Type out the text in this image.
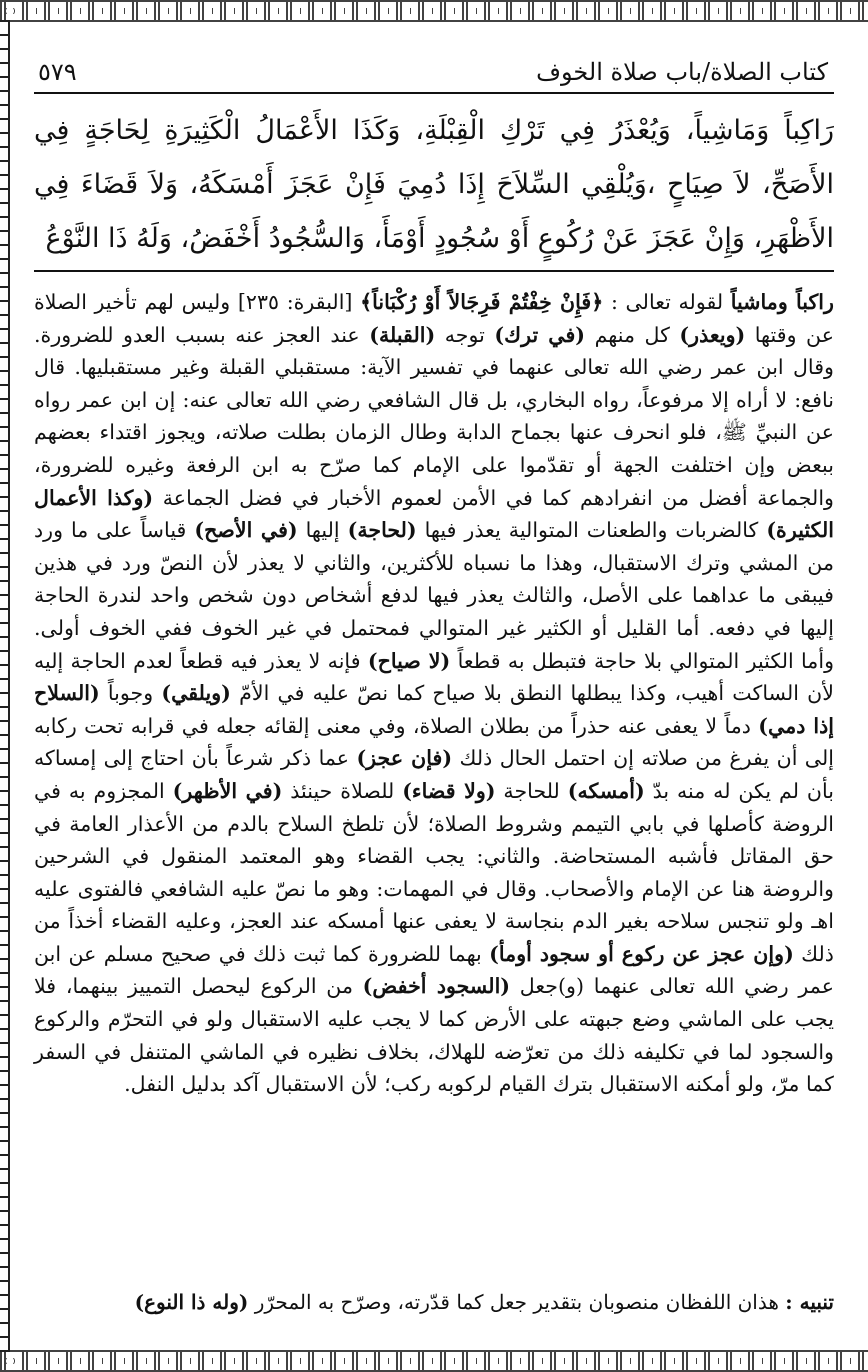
كتاب الصلاة/باب صلاة الخوف
٥٧٩
رَاكِباً وَمَاشِياً، وَيُعْذَرُ فِي تَرْكِ الْقِبْلَةِ، وَكَذَا الأَعْمَالُ الْكَثِيرَةِ لِحَاجَةٍ فِي الأَصَحِّ، لاَ صِيَاحٍ ،وَيُلْقِي السِّلاَحَ إِذَا دُمِيَ فَإِنْ عَجَزَ أَمْسَكَهُ، وَلاَ قَضَاءَ فِي الأَظْهَرِ، وَإِنْ عَجَزَ عَنْ رُكُوعٍ أَوْ سُجُودٍ أَوْمَأَ، وَالسُّجُودُ أَخْفَضُ، وَلَهُ ذَا النَّوْعُ
راكباً وماشياً لقوله تعالى : ﴿فَإِنْ خِفْتُمْ فَرِجَالاً أَوْ رُكْبَاناً﴾ [البقرة: ٢٣٥] وليس لهم تأخير الصلاة عن وقتها (ويعذر) كل منهم (في ترك) توجه (القبلة) عند العجز عنه بسبب العدو للضرورة. وقال ابن عمر رضي الله تعالى عنهما في تفسير الآية: مستقبلي القبلة وغير مستقبليها. قال نافع: لا أراه إلا مرفوعاً، رواه البخاري، بل قال الشافعي رضي الله تعالى عنه: إن ابن عمر رواه عن النبيِّ ﷺ، فلو انحرف عنها بجماح الدابة وطال الزمان بطلت صلاته، ويجوز اقتداء بعضهم ببعض وإن اختلفت الجهة أو تقدّموا على الإمام كما صرّح به ابن الرفعة وغيره للضرورة، والجماعة أفضل من انفرادهم كما في الأمن لعموم الأخبار في فضل الجماعة (وكذا الأعمال الكثيرة) كالضربات والطعنات المتوالية يعذر فيها (لحاجة) إليها (في الأصح) قياساً على ما ورد من المشي وترك الاستقبال، وهذا ما نسباه للأكثرين، والثاني لا يعذر لأن النصّ ورد في هذين فيبقى ما عداهما على الأصل، والثالث يعذر فيها لدفع أشخاص دون شخص واحد لندرة الحاجة إليها في دفعه. أما القليل أو الكثير غير المتوالي فمحتمل في غير الخوف ففي الخوف أولى. وأما الكثير المتوالي بلا حاجة فتبطل به قطعاً (لا صياح) فإنه لا يعذر فيه قطعاً لعدم الحاجة إليه لأن الساكت أهيب، وكذا يبطلها النطق بلا صياح كما نصّ عليه في الأمّ (ويلقي) وجوباً (السلاح إذا دمي) دماً لا يعفى عنه حذراً من بطلان الصلاة، وفي معنى إلقائه جعله في قرابه تحت ركابه إلى أن يفرغ من صلاته إن احتمل الحال ذلك (فإن عجز) عما ذكر شرعاً بأن احتاج إلى إمساكه بأن لم يكن له منه بدّ (أمسكه) للحاجة (ولا قضاء) للصلاة حينئذ (في الأظهر) المجزوم به في الروضة كأصلها في بابي التيمم وشروط الصلاة؛ لأن تلطخ السلاح بالدم من الأعذار العامة في حق المقاتل فأشبه المستحاضة. والثاني: يجب القضاء وهو المعتمد المنقول في الشرحين والروضة هنا عن الإمام والأصحاب. وقال في المهمات: وهو ما نصّ عليه الشافعي فالفتوى عليه اهـ ولو تنجس سلاحه بغير الدم بنجاسة لا يعفى عنها أمسكه عند العجز، وعليه القضاء أخذاً من ذلك (وإن عجز عن ركوع أو سجود أومأ) بهما للضرورة كما ثبت ذلك في صحيح مسلم عن ابن عمر رضي الله تعالى عنهما (و)جعل (السجود أخفض) من الركوع ليحصل التمييز بينهما، فلا يجب على الماشي وضع جبهته على الأرض كما لا يجب عليه الاستقبال ولو في التحرّم والركوع والسجود لما في تكليفه ذلك من تعرّضه للهلاك، بخلاف نظيره في الماشي المتنفل في السفر كما مرّ، ولو أمكنه الاستقبال بترك القيام لركوبه ركب؛ لأن الاستقبال آكد بدليل النفل.
تنبيه : هذان اللفظان منصوبان بتقدير جعل كما قدّرته، وصرّح به المحرّر (وله ذا النوع)
